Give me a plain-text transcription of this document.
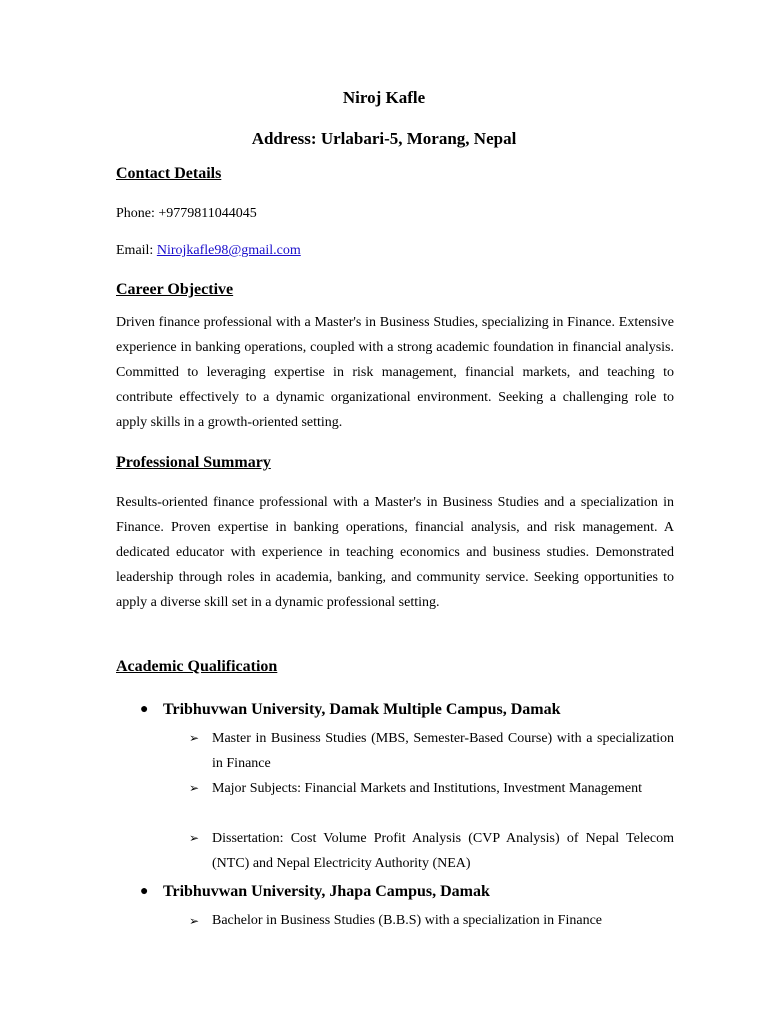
Niroj Kafle
Address: Urlabari-5, Morang, Nepal
Contact Details
Phone: +9779811044045
Email: Nirojkafle98@gmail.com
Career Objective

Driven finance professional with a Master's in Business Studies, specializing in Finance. Extensive experience in banking operations, coupled with a strong academic foundation in financial analysis. Committed to leveraging expertise in risk management, financial markets, and teaching to contribute effectively to a dynamic organizational environment. Seeking a challenging role to apply skills in a growth-oriented setting.

Professional Summary

Results-oriented finance professional with a Master's in Business Studies and a specialization in Finance. Proven expertise in banking operations, financial analysis, and risk management. A dedicated educator with experience in teaching economics and business studies. Demonstrated leadership through roles in academia, banking, and community service. Seeking opportunities to apply a diverse skill set in a dynamic professional setting.

Academic Qualification
● Tribhuvwan University, Damak Multiple Campus, Damak
➢ Master in Business Studies (MBS, Semester-Based Course) with a specialization in Finance

➢ Major Subjects: Financial Markets and Institutions, Investment Management

➢ Dissertation: Cost Volume Profit Analysis (CVP Analysis) of Nepal Telecom (NTC) and Nepal Electricity Authority (NEA)

● Tribhuvwan University, Jhapa Campus, Damak
➢ Bachelor in Business Studies (B.B.S) with a specialization in Finance
